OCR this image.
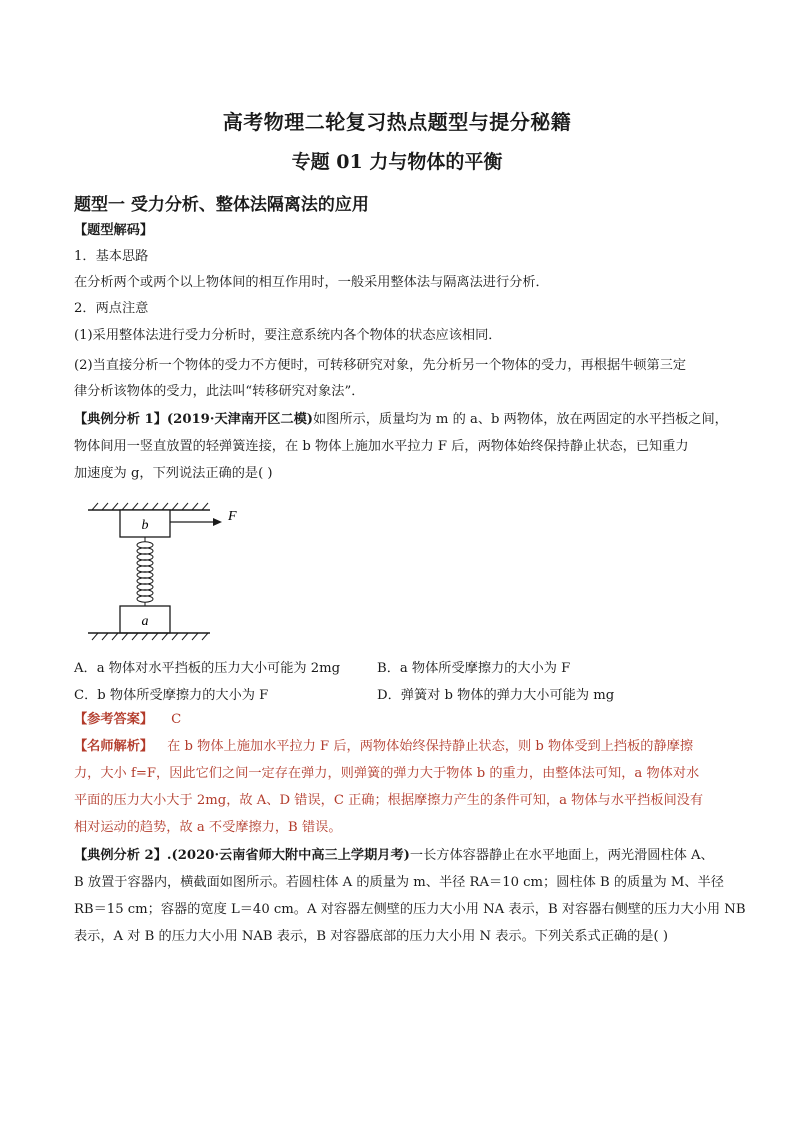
高考物理二轮复习热点题型与提分秘籍
专题 01 力与物体的平衡
题型一 受力分析、整体法隔离法的应用
【题型解码】
1．基本思路
在分析两个或两个以上物体间的相互作用时，一般采用整体法与隔离法进行分析．
2．两点注意
(1)采用整体法进行受力分析时，要注意系统内各个物体的状态应该相同．
(2)当直接分析一个物体的受力不方便时，可转移研究对象，先分析另一个物体的受力，再根据牛顿第三定
律分析该物体的受力，此法叫“转移研究对象法”．
【典例分析 1】(2019·天津南开区二模)如图所示，质量均为 m 的 a、b 两物体，放在两固定的水平挡板之间，
物体间用一竖直放置的轻弹簧连接，在 b 物体上施加水平拉力 F 后，两物体始终保持静止状态，已知重力
加速度为 g，下列说法正确的是( )
b
F
a
A．a 物体对水平挡板的压力大小可能为 2mg	B．a 物体所受摩擦力的大小为 F
C．b 物体所受摩擦力的大小为 F	D．弹簧对 b 物体的弹力大小可能为 mg
【参考答案】 C
【名师解析】 在 b 物体上施加水平拉力 F 后，两物体始终保持静止状态，则 b 物体受到上挡板的静摩擦
力，大小 f=F，因此它们之间一定存在弹力，则弹簧的弹力大于物体 b 的重力，由整体法可知，a 物体对水
平面的压力大小大于 2mg，故 A、D 错误，C 正确；根据摩擦力产生的条件可知，a 物体与水平挡板间没有
相对运动的趋势，故 a 不受摩擦力，B 错误。
【典例分析 2】.(2020·云南省师大附中高三上学期月考)一长方体容器静止在水平地面上，两光滑圆柱体 A、
B 放置于容器内，横截面如图所示。若圆柱体 A 的质量为 m、半径 RA＝10 cm；圆柱体 B 的质量为 M、半径
RB＝15 cm；容器的宽度 L＝40 cm。A 对容器左侧壁的压力大小用 NA 表示，B 对容器右侧壁的压力大小用 NB
表示，A 对 B 的压力大小用 NAB 表示，B 对容器底部的压力大小用 N 表示。下列关系式正确的是( )
